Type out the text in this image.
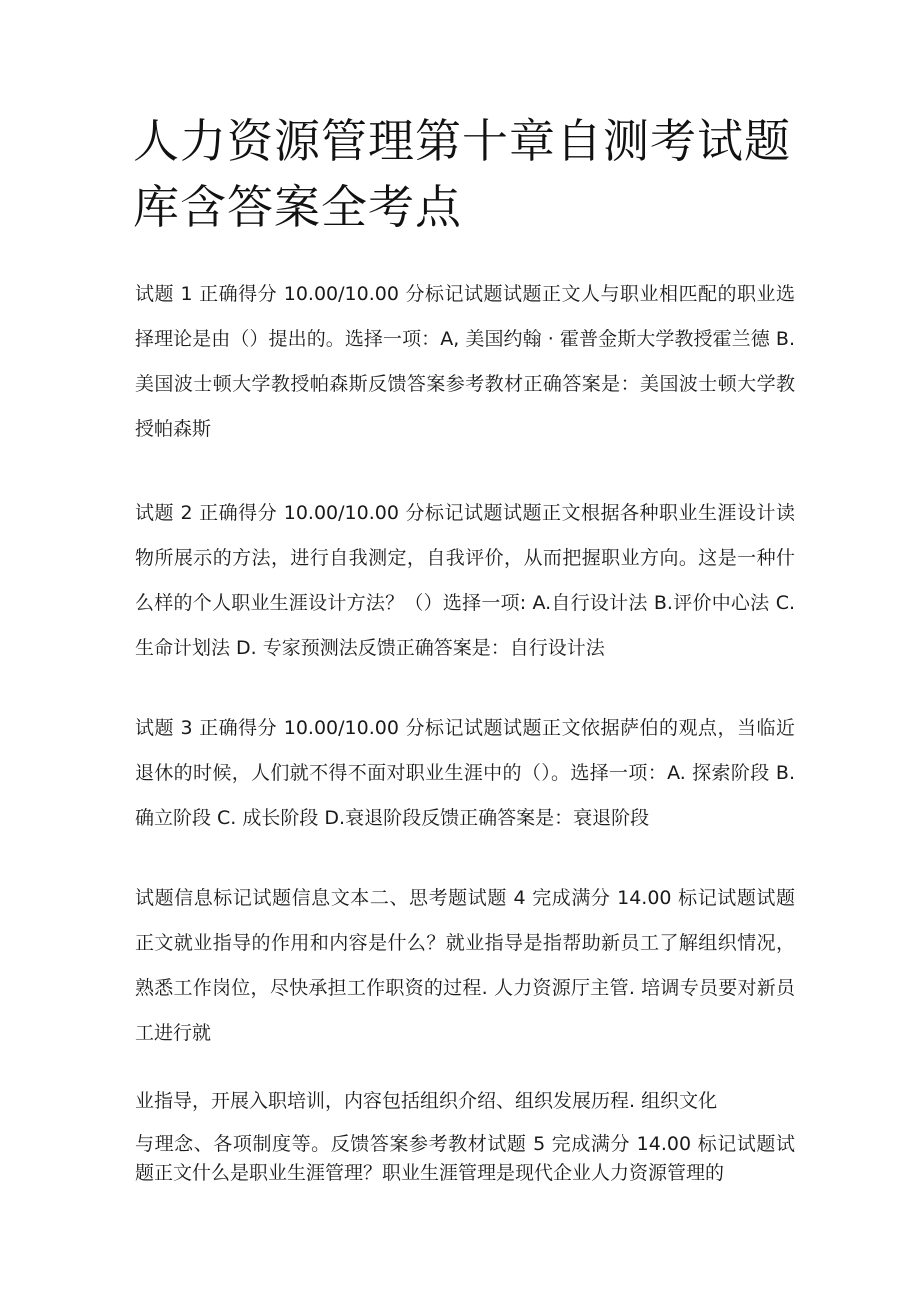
人力资源管理第十章自测考试题库含答案全考点

试题 1 正确得分 10.00/10.00 分标记试题试题正文人与职业相匹配的职业选择理论是由（）提出的。选择一项：A, 美国约翰 · 霍普金斯大学教授霍兰德 B.美国波士顿大学教授帕森斯反馈答案参考教材正确答案是：美国波士顿大学教授帕森斯

试题 2 正确得分 10.00/10.00 分标记试题试题正文根据各种职业生涯设计读物所展示的方法，进行自我测定，自我评价，从而把握职业方向。这是一种什么样的个人职业生涯设计方法？（）选择一项: A.自行设计法 B.评价中心法 C.生命计划法 D. 专家预测法反馈正确答案是：自行设计法

试题 3 正确得分 10.00/10.00 分标记试题试题正文依据萨伯的观点，当临近退休的时候，人们就不得不面对职业生涯中的（）。选择一项：A. 探索阶段 B. 确立阶段 C. 成长阶段 D.衰退阶段反馈正确答案是：衰退阶段

试题信息标记试题信息文本二、思考题试题 4 完成满分 14.00 标记试题试题正文就业指导的作用和内容是什么？就业指导是指帮助新员工了解组织情况，熟悉工作岗位，尽快承担工作职资的过程. 人力资源厅主管. 培调专员要对新员工进行就

业指导，开展入职培训，内容包括组织介绍、组织发展历程. 组织文化

与理念、各项制度等。反馈答案参考教材试题 5 完成满分 14.00 标记试题试题正文什么是职业生涯管理？职业生涯管理是现代企业人力资源管理的
